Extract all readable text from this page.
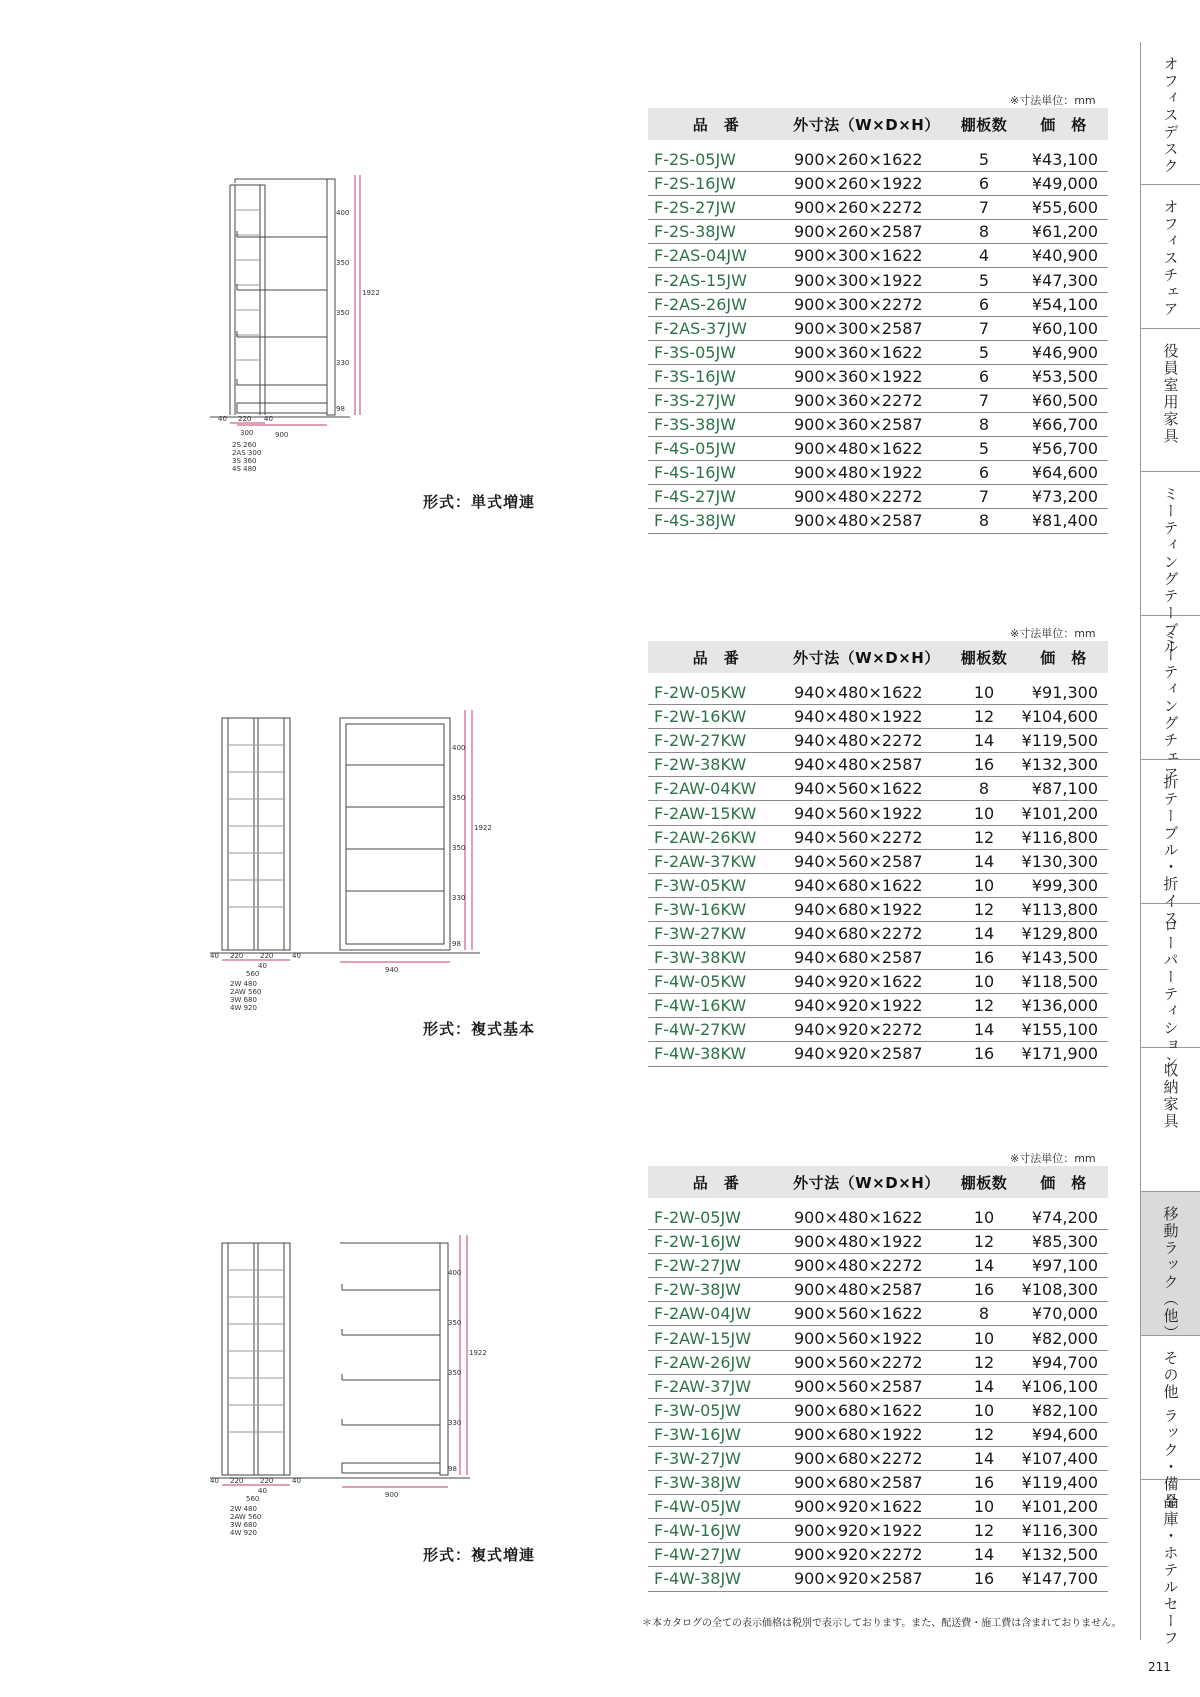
※寸法単位：mm
品　番	外寸法（W×D×H）	棚板数	価　格

F-2S-05JW	900×260×1622	5	¥43,100
F-2S-16JW	900×260×1922	6	¥49,000
F-2S-27JW	900×260×2272	7	¥55,600
F-2S-38JW	900×260×2587	8	¥61,200
F-2AS-04JW	900×300×1622	4	¥40,900
F-2AS-15JW	900×300×1922	5	¥47,300
F-2AS-26JW	900×300×2272	6	¥54,100
F-2AS-37JW	900×300×2587	7	¥60,100
F-3S-05JW	900×360×1622	5	¥46,900
F-3S-16JW	900×360×1922	6	¥53,500
F-3S-27JW	900×360×2272	7	¥60,500
F-3S-38JW	900×360×2587	8	¥66,700
F-4S-05JW	900×480×1622	5	¥56,700
F-4S-16JW	900×480×1922	6	¥64,600
F-4S-27JW	900×480×2272	7	¥73,200
F-4S-38JW	900×480×2587	8	¥81,400
40 220 40
300
2S 260
2AS 300
3S 360
4S 480
900
400
350
350
330
1922
98
形式：単式増連
※寸法単位：mm
品　番	外寸法（W×D×H）	棚板数	価　格

F-2W-05KW	940×480×1622	10	¥91,300
F-2W-16KW	940×480×1922	12	¥104,600
F-2W-27KW	940×480×2272	14	¥119,500
F-2W-38KW	940×480×2587	16	¥132,300
F-2AW-04KW	940×560×1622	8	¥87,100
F-2AW-15KW	940×560×1922	10	¥101,200
F-2AW-26KW	940×560×2272	12	¥116,800
F-2AW-37KW	940×560×2587	14	¥130,300
F-3W-05KW	940×680×1622	10	¥99,300
F-3W-16KW	940×680×1922	12	¥113,800
F-3W-27KW	940×680×2272	14	¥129,800
F-3W-38KW	940×680×2587	16	¥143,500
F-4W-05KW	940×920×1622	10	¥118,500
F-4W-16KW	940×920×1922	12	¥136,000
F-4W-27KW	940×920×2272	14	¥155,100
F-4W-38KW	940×920×2587	16	¥171,900
40 220 220	40
40
560
2W 480
2AW 560
3W 680
4W 920
940
400
350
350
330
1922
98
形式：複式基本
※寸法単位：mm
品　番	外寸法（W×D×H）	棚板数	価　格

F-2W-05JW	900×480×1622	10	¥74,200
F-2W-16JW	900×480×1922	12	¥85,300
F-2W-27JW	900×480×2272	14	¥97,100
F-2W-38JW	900×480×2587	16	¥108,300
F-2AW-04JW	900×560×1622	8	¥70,000
F-2AW-15JW	900×560×1922	10	¥82,000
F-2AW-26JW	900×560×2272	12	¥94,700
F-2AW-37JW	900×560×2587	14	¥106,100
F-3W-05JW	900×680×1622	10	¥82,100
F-3W-16JW	900×680×1922	12	¥94,600
F-3W-27JW	900×680×2272	14	¥107,400
F-3W-38JW	900×680×2587	16	¥119,400
F-4W-05JW	900×920×1622	10	¥101,200
F-4W-16JW	900×920×1922	12	¥116,300
F-4W-27JW	900×920×2272	14	¥132,500
F-4W-38JW	900×920×2587	16	¥147,700
40 220 220	40
40
560
2W 480
2AW 560
3W 680
4W 920
900
400
350
350
330
1922
98
形式：複式増連
＊本カタログの全ての表示価格は税別で表示しております。また、配送費・施工費は含まれておりません。
オフィスデスク
オフィスチェア
役員室用家具
ミーティングテーブル
ミーティングチェア
折テーブル・折イス
ローパーティション
収納家具
移動ラック（他）
その他 ラック・備品
金庫・ホテルセーフ
211
